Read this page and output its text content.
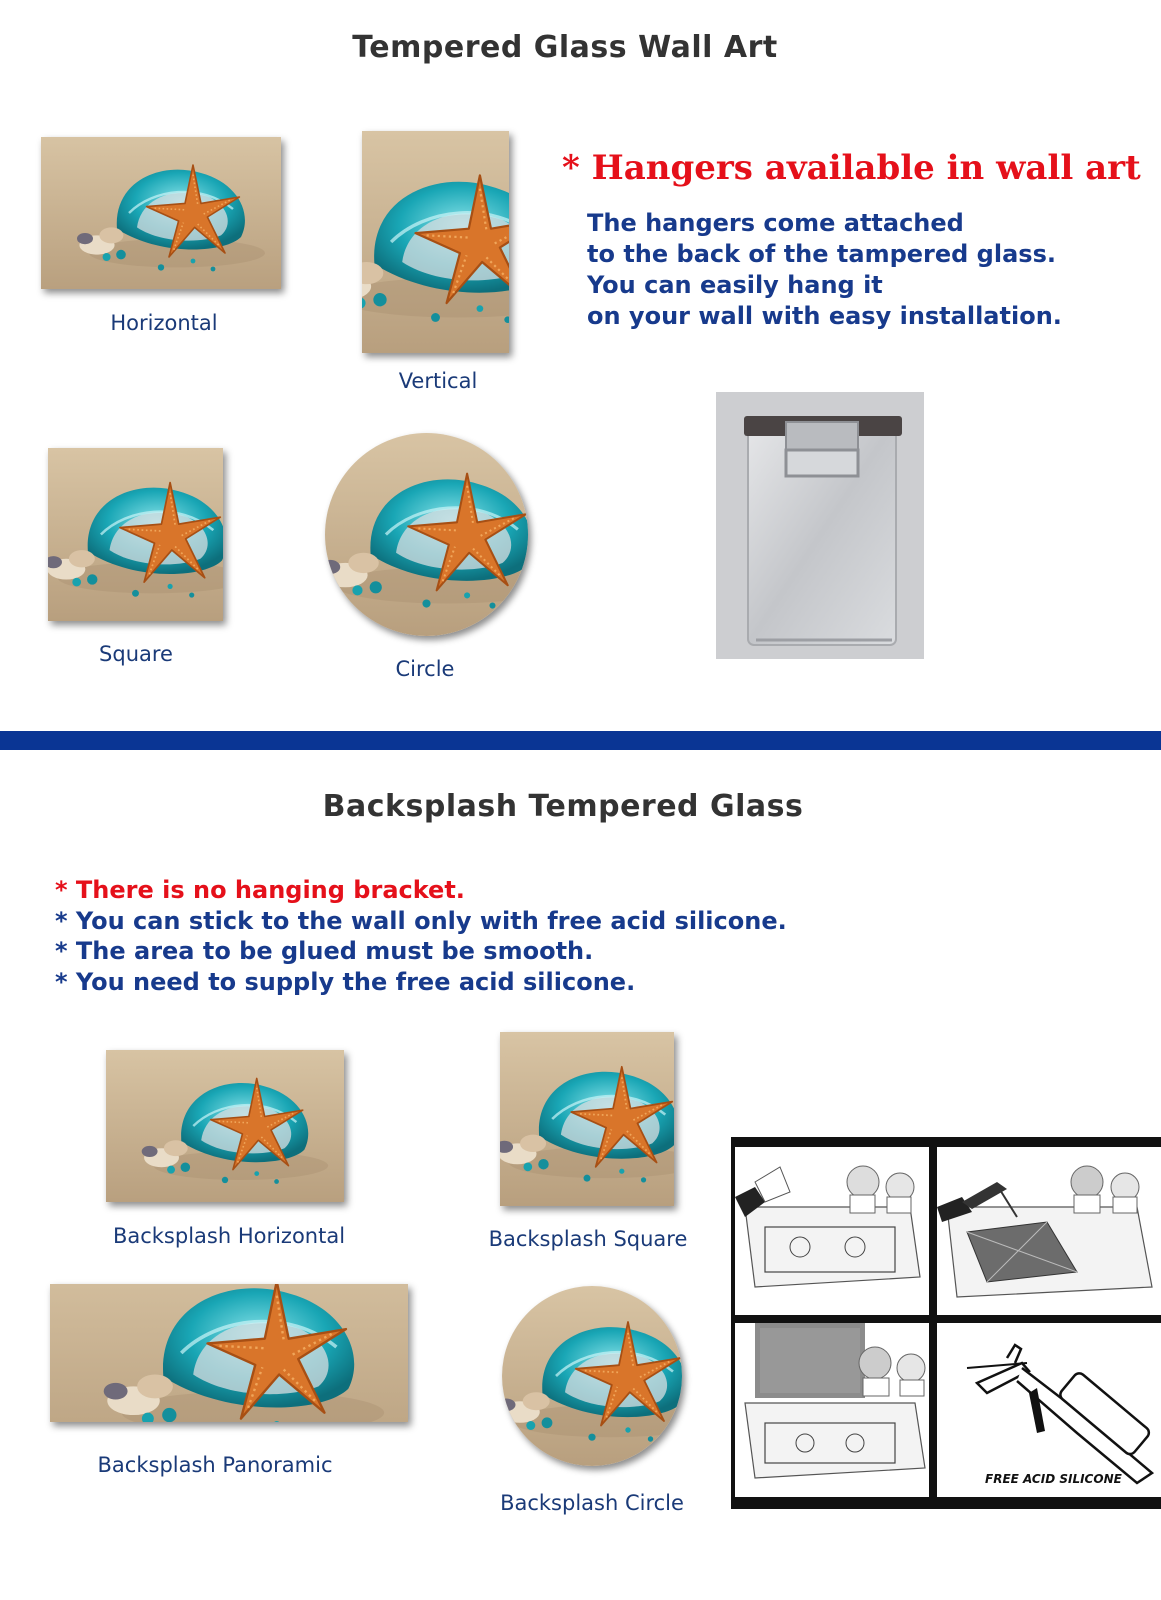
Tempered Glass Wall Art
Horizontal
Vertical
Square
Circle
* Hangers available in wall art
The hangers come attached
to the back of the tampered glass.
You can easily hang it
on your wall with easy installation.
Backsplash Tempered Glass
* There is no hanging bracket.
* You can stick to the wall only with free acid silicone.
* The area to be glued must be smooth.
* You need to supply the free acid silicone.
Backsplash Horizontal	Backsplash Square
Backsplash Panoramic
Backsplash Circle
FREE ACID SILICONE
